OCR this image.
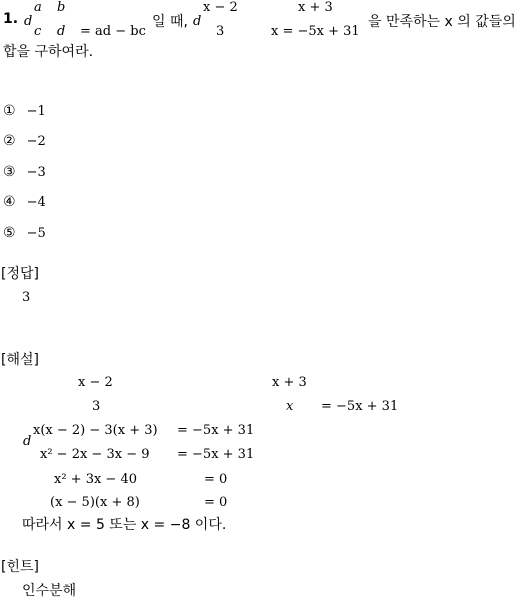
1. d
a b
c d = ad − bc
일 때, d
x − 2	x + 3
3	x = −5x + 31
을 만족하는 x 의 값들의
합을 구하여라.
① −1
② −2
③ −3
④ −4
⑤ −5
[정답]
3
[해설]
x − 2	x + 3
3	x = −5x + 31
d
x(x − 2) − 3(x + 3) = −5x + 31
x² − 2x − 3x − 9 = −5x + 31
x² + 3x − 40	= 0
(x − 5)(x + 8)	= 0
따라서 x = 5 또는 x = −8 이다.
[힌트]
인수분해
